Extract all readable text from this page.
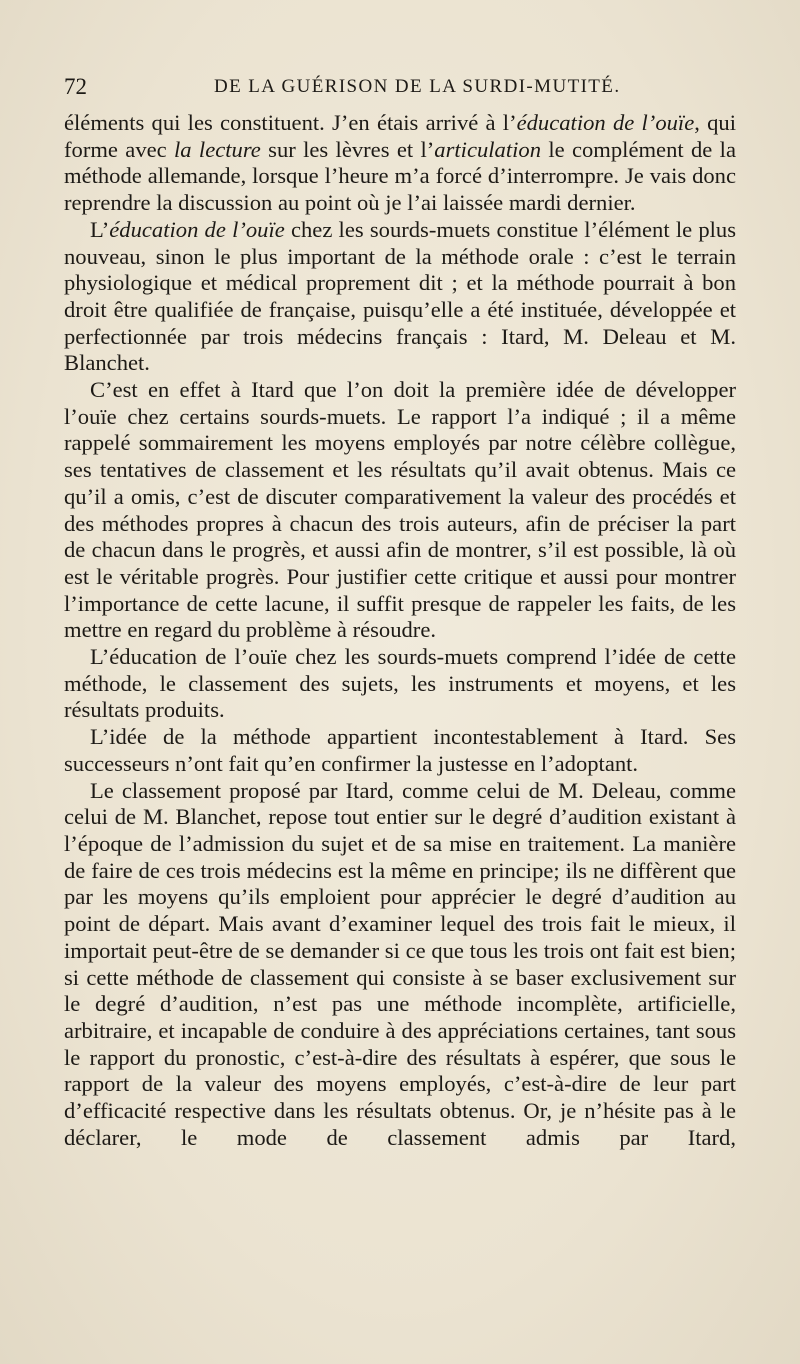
72	DE LA GUÉRISON DE LA SURDI-MUTITÉ.

éléments qui les constituent. J’en étais arrivé à l’éducation de l’ouïe, qui forme avec la lecture sur les lèvres et l’articulation le complément de la méthode allemande, lorsque l’heure m’a forcé d’interrompre. Je vais donc reprendre la discussion au point où je l’ai laissée mardi dernier.

L’éducation de l’ouïe chez les sourds-muets constitue l’élément le plus nouveau, sinon le plus important de la méthode orale : c’est le terrain physiologique et médical proprement dit ; et la méthode pourrait à bon droit être qualifiée de française, puisqu’elle a été instituée, développée et perfectionnée par trois médecins français : Itard, M. Deleau et M. Blanchet.

C’est en effet à Itard que l’on doit la première idée de développer l’ouïe chez certains sourds-muets. Le rapport l’a indiqué ; il a même rappelé sommairement les moyens employés par notre célèbre collègue, ses tentatives de classement et les résultats qu’il avait obtenus. Mais ce qu’il a omis, c’est de discuter comparativement la valeur des procédés et des méthodes propres à chacun des trois auteurs, afin de préciser la part de chacun dans le progrès, et aussi afin de montrer, s’il est possible, là où est le véritable progrès. Pour justifier cette critique et aussi pour montrer l’importance de cette lacune, il suffit presque de rappeler les faits, de les mettre en regard du problème à résoudre.

L’éducation de l’ouïe chez les sourds-muets comprend l’idée de cette méthode, le classement des sujets, les instruments et moyens, et les résultats produits.

L’idée de la méthode appartient incontestablement à Itard. Ses successeurs n’ont fait qu’en confirmer la justesse en l’adoptant.

Le classement proposé par Itard, comme celui de M. Deleau, comme celui de M. Blanchet, repose tout entier sur le degré d’audition existant à l’époque de l’admission du sujet et de sa mise en traitement. La manière de faire de ces trois médecins est la même en principe; ils ne diffèrent que par les moyens qu’ils emploient pour apprécier le degré d’audition au point de départ. Mais avant d’examiner lequel des trois fait le mieux, il importait peut-être de se demander si ce que tous les trois ont fait est bien; si cette méthode de classement qui consiste à se baser exclusivement sur le degré d’audition, n’est pas une méthode incomplète, artificielle, arbitraire, et incapable de conduire à des appréciations certaines, tant sous le rapport du pronostic, c’est-à-dire des résultats à espérer, que sous le rapport de la valeur des moyens employés, c’est-à-dire de leur part d’efficacité respective dans les résultats obtenus. Or, je n’hésite pas à le déclarer, le mode de classement admis par Itard,
